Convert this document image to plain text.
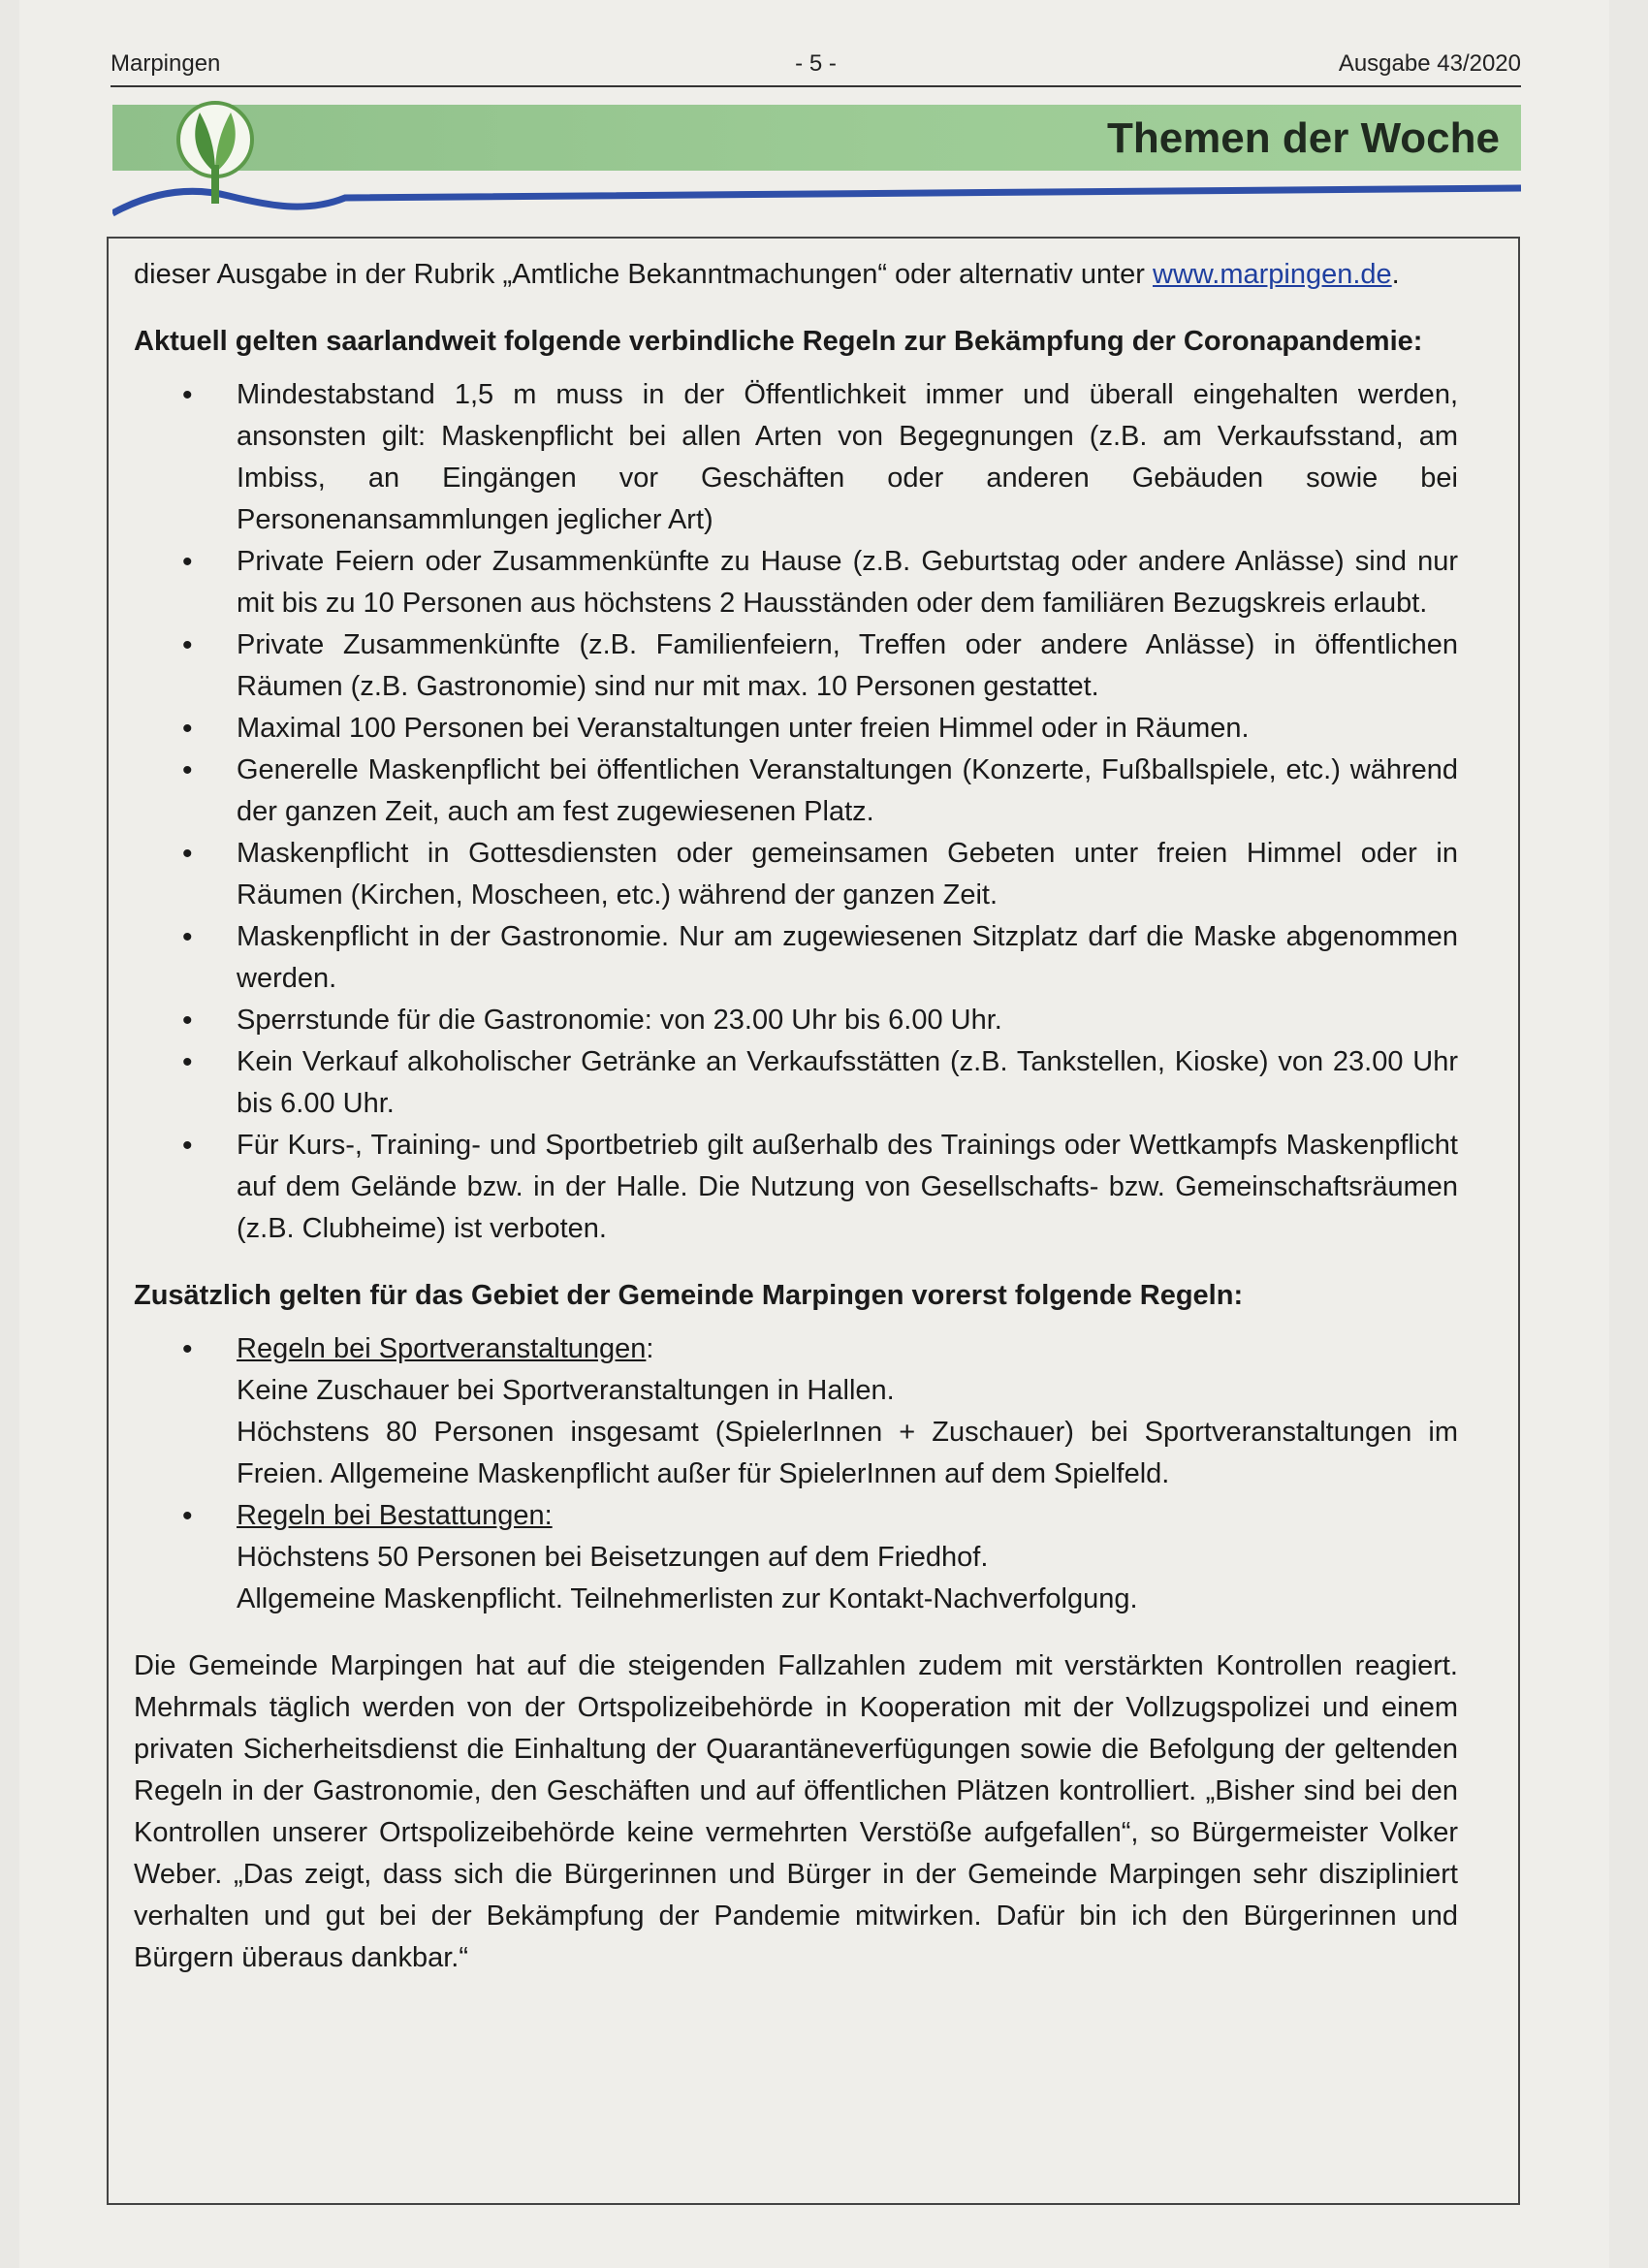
Marpingen	- 5 -	Ausgabe 43/2020
Themen der Woche

dieser Ausgabe in der Rubrik „Amtliche Bekanntmachungen“ oder alternativ unter www.marpingen.de.

Aktuell gelten saarlandweit folgende verbindliche Regeln zur Bekämpfung der Coronapandemie:

• Mindestabstand 1,5 m muss in der Öffentlichkeit immer und überall eingehalten werden, ansonsten gilt: Maskenpflicht bei allen Arten von Begegnungen (z.B. am Verkaufsstand, am Imbiss, an Eingängen vor Geschäften oder anderen Gebäuden sowie bei Personenansammlungen jeglicher Art)
• Private Feiern oder Zusammenkünfte zu Hause (z.B. Geburtstag oder andere Anlässe) sind nur mit bis zu 10 Personen aus höchstens 2 Hausständen oder dem familiären Bezugskreis erlaubt.
• Private Zusammenkünfte (z.B. Familienfeiern, Treffen oder andere Anlässe) in öffentlichen Räumen (z.B. Gastronomie) sind nur mit max. 10 Personen gestattet.
• Maximal 100 Personen bei Veranstaltungen unter freien Himmel oder in Räumen.
• Generelle Maskenpflicht bei öffentlichen Veranstaltungen (Konzerte, Fußballspiele, etc.) während der ganzen Zeit, auch am fest zugewiesenen Platz.
• Maskenpflicht in Gottesdiensten oder gemeinsamen Gebeten unter freien Himmel oder in Räumen (Kirchen, Moscheen, etc.) während der ganzen Zeit.
• Maskenpflicht in der Gastronomie. Nur am zugewiesenen Sitzplatz darf die Maske abgenommen werden.
• Sperrstunde für die Gastronomie: von 23.00 Uhr bis 6.00 Uhr.
• Kein Verkauf alkoholischer Getränke an Verkaufsstätten (z.B. Tankstellen, Kioske) von 23.00 Uhr bis 6.00 Uhr.
• Für Kurs-, Training- und Sportbetrieb gilt außerhalb des Trainings oder Wettkampfs Maskenpflicht auf dem Gelände bzw. in der Halle. Die Nutzung von Gesellschafts- bzw. Gemeinschaftsräumen (z.B. Clubheime) ist verboten.

Zusätzlich gelten für das Gebiet der Gemeinde Marpingen vorerst folgende Regeln:

• Regeln bei Sportveranstaltungen:
Keine Zuschauer bei Sportveranstaltungen in Hallen.
Höchstens 80 Personen insgesamt (SpielerInnen + Zuschauer) bei Sportveranstaltungen im Freien. Allgemeine Maskenpflicht außer für SpielerInnen auf dem Spielfeld.
• Regeln bei Bestattungen:
Höchstens 50 Personen bei Beisetzungen auf dem Friedhof.
Allgemeine Maskenpflicht. Teilnehmerlisten zur Kontakt-Nachverfolgung.

Die Gemeinde Marpingen hat auf die steigenden Fallzahlen zudem mit verstärkten Kontrollen reagiert. Mehrmals täglich werden von der Ortspolizeibehörde in Kooperation mit der Vollzugspolizei und einem privaten Sicherheitsdienst die Einhaltung der Quarantäneverfügungen sowie die Befolgung der geltenden Regeln in der Gastronomie, den Geschäften und auf öffentlichen Plätzen kontrolliert. „Bisher sind bei den Kontrollen unserer Ortspolizeibehörde keine vermehrten Verstöße aufgefallen“, so Bürgermeister Volker Weber. „Das zeigt, dass sich die Bürgerinnen und Bürger in der Gemeinde Marpingen sehr diszipliniert verhalten und gut bei der Bekämpfung der Pandemie mitwirken. Dafür bin ich den Bürgerinnen und Bürgern überaus dankbar.“
